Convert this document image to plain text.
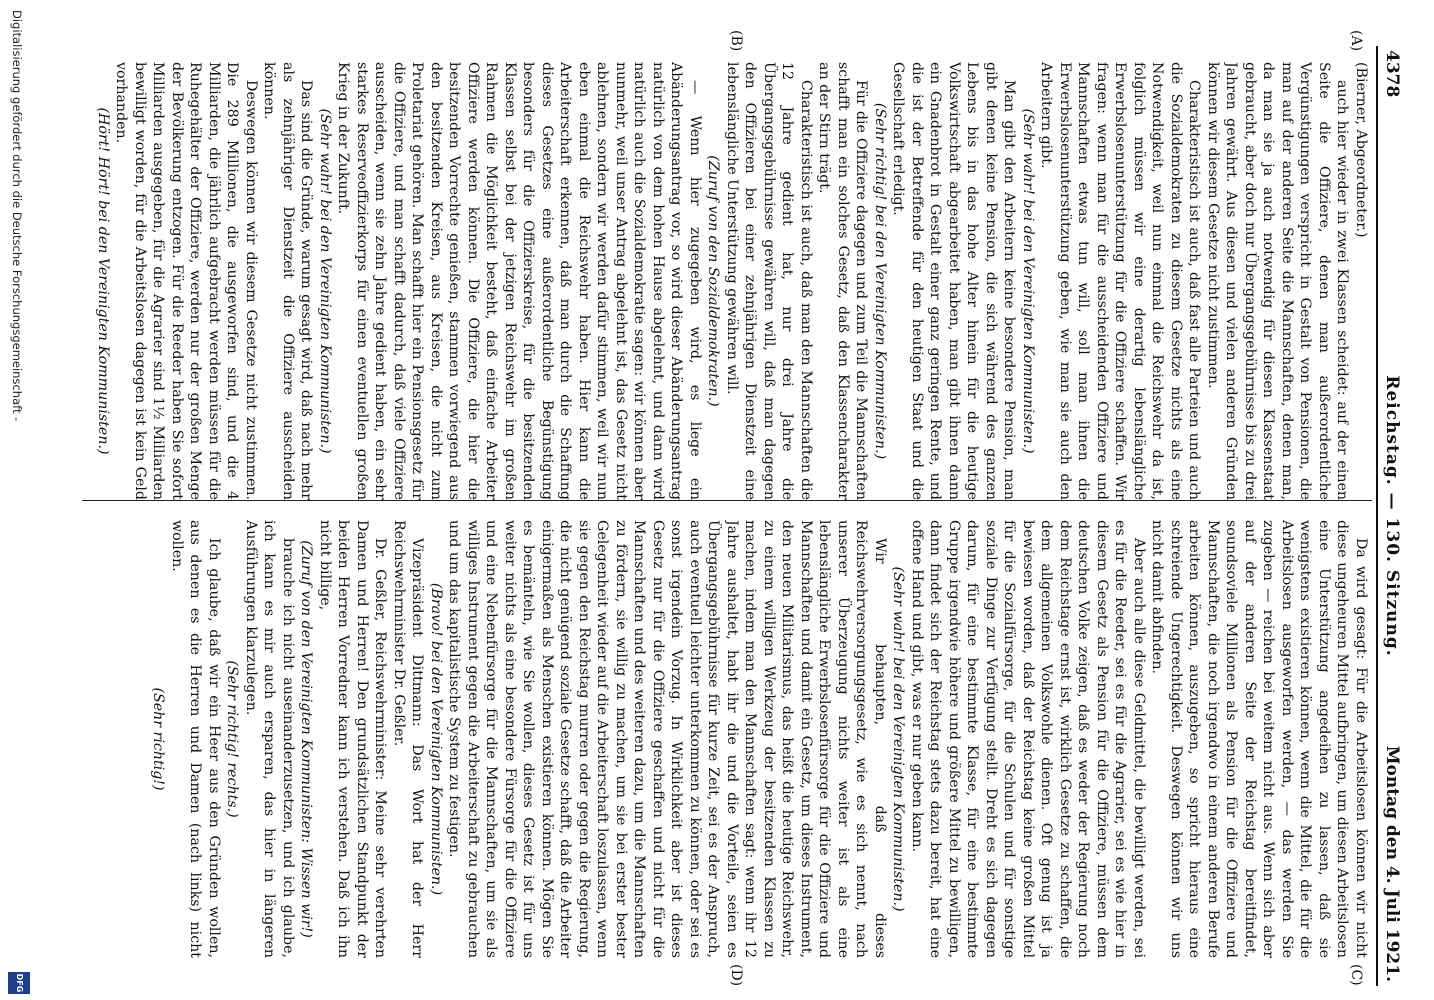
4378
Reichstag. — 130. Sitzung.
Montag den 4. Juli 1921.
(A)
(B)
(C)
(D)

(Bierner, Abgeordneter.)

auch hier wieder in zwei Klassen scheidet: auf der einen Seite die Offiziere, denen man außerordentliche Vergünstigungen verspricht in Gestalt von Pensionen, die man auf der anderen Seite die Mannschaften, denen man, da man sie ja auch notwendig für diesen Klassenstaat gebraucht, aber doch nur Übergangsgebührnisse bis zu drei Jahren gewährt. Aus diesen und vielen anderen Gründen können wir diesem Gesetze nicht zustimmen.

Charakteristisch ist auch, daß fast alle Parteien und auch die Sozialdemokraten zu diesem Gesetze nichts als eine Notwendigkeit, weil nun einmal die Reichswehr da ist, folglich müssen wir eine derartig lebenslängliche Erwerbslosenunterstützung für die Offiziere schaffen. Wir fragen: wenn man für die ausscheidenden Offiziere und Mannschaften etwas tun will, soll man ihnen die Erwerbslosenunterstützung geben, wie man sie auch den Arbeitern gibt.

(Sehr wahr! bei den Vereinigten Kommunisten.)

Man gibt den Arbeitern keine besondere Pension, man gibt denen keine Pension, die sich während des ganzen Lebens bis in das hohe Alter hinein für die heutige Volkswirtschaft abgearbeitet haben, man gibt ihnen dann ein Gnadenbrot in Gestalt einer ganz geringen Rente, und die ist der Betreffende für den heutigen Staat und die Gesellschaft erledigt.

(Sehr richtig! bei den Vereinigten Kommunisten.)

Für die Offiziere dagegen und zum Teil die Mannschaften schafft man ein solches Gesetz, daß den Klassencharakter an der Stirn trägt.

Charakteristisch ist auch, daß man den Mannschaften die 12 Jahre gedient hat, nur drei Jahre die Übergangsgebührnisse gewähren will, daß man dagegen den Offizieren bei einer zehnjährigen Dienstzeit eine lebenslängliche Unterstützung gewähren will.

(Zuruf von den Sozialdemokraten.)

— Wenn hier zugegeben wird, es liege ein Abänderungsantrag vor, so wird dieser Abänderungsantrag natürlich von dem hohen Hause abgelehnt, und dann wird natürlich auch die Sozialdemokratie sagen: wir können aber nunmehr, weil unser Antrag abgelehnt ist, das Gesetz nicht ablehnen, sondern wir werden dafür stimmen, weil wir nun eben einmal die Reichswehr haben. Hier kann die Arbeiterschaft erkennen, daß man durch die Schaffung dieses Gesetzes eine außerordentliche Begünstigung besonders für die Offizierskreise, für die besitzenden Klassen selbst bei der jetzigen Reichswehr im großen Rahmen die Möglichkeit besteht, daß einfache Arbeiter Offiziere werden können. Die Offiziere, die hier die besitzenden Vorrechte genießen, stammen vorwiegend aus den besitzenden Kreisen, aus Kreisen, die nicht zum Proletariat gehören. Man schafft hier ein Pensionsgesetz für die Offiziere, und man schafft dadurch, daß viele Offiziere ausscheiden, wenn sie zehn Jahre gedient haben, ein sehr starkes Reserveoffizierkorps für einen eventuellen großen Krieg in der Zukunft.

(Sehr wahr! bei den Vereinigten Kommunisten.)

Das sind die Gründe, warum gesagt wird, daß nach mehr als zehnjähriger Dienstzeit die Offiziere ausscheiden können.

Deswegen können wir diesem Gesetze nicht zustimmen. Die 289 Millionen, die ausgeworfen sind, und die 4 Milliarden, die jährlich aufgebracht werden müssen für die Ruhegehälter der Offiziere, werden nur der großen Menge der Bevölkerung entzogen. Für die Reeder haben Sie sofort Milliarden ausgegeben, für die Agrarier sind 1½ Milliarden bewilligt worden, für die Arbeitslosen dagegen ist kein Geld vorhanden.

(Hört! Hört! bei den Vereinigten Kommunisten.)

Da wird gesagt: Für die Arbeitslosen können wir nicht diese ungeheuren Mittel aufbringen, um diesen Arbeitslosen eine Unterstützung angedeihen zu lassen, daß sie wenigstens existieren können, wenn die Mittel, die für die Arbeitslosen ausgeworfen werden, — das werden Sie zugeben — reichen bei weitem nicht aus. Wenn sich aber auf der anderen Seite der Reichstag bereitfindet, soundsoviele Millionen als Pension für die Offiziere und Mannschaften, die noch irgendwo in einem anderen Berufe arbeiten können, auszugeben, so spricht hieraus eine schreiende Ungerechtigkeit. Deswegen können wir uns nicht damit abfinden.

Aber auch alle diese Geldmittel, die bewilligt werden, sei es für die Reeder, sei es für die Agrarier, sei es wie hier in diesem Gesetz als Pension für die Offiziere, müssen dem deutschen Volke zeigen, daß es weder der Regierung noch dem Reichstage ernst ist, wirklich Gesetze zu schaffen, die dem allgemeinen Volkswohle dienen. Oft genug ist ja bewiesen worden, daß der Reichstag keine großen Mittel für die Sozialfürsorge, für die Schulen und für sonstige soziale Dinge zur Verfügung stellt. Dreht es sich dagegen darum, für eine bestimmte Klasse, für eine bestimmte Gruppe irgendwie höhere und größere Mittel zu bewilligen, dann findet sich der Reichstag stets dazu bereit, hat eine offene Hand und gibt, was er nur geben kann.

(Sehr wahr! bei den Vereinigten Kommunisten.)

Wir behaupten, daß dieses Reichswehrversorgungsgesetz, wie es sich nennt, nach unserer Überzeugung nichts weiter ist als eine lebenslängliche Erwerbslosenfürsorge für die Offiziere und Mannschaften und damit ein Gesetz, um dieses Instrument, den neuen Militarismus, das heißt die heutige Reichswehr, zu einem willigen Werkzeug der besitzenden Klassen zu machen, indem man den Mannschaften sagt: wenn ihr 12 Jahre aushaltet, habt ihr die und die Vorteile, seien es Übergangsgebührnisse für kurze Zeit, sei es der Anspruch, auch eventuell leichter unterkommen zu können, oder sei es sonst irgendein Vorzug. In Wirklichkeit aber ist dieses Gesetz nur für die Offiziere geschaffen und nicht für die Mannschaften und des weiteren dazu, um die Mannschaften zu fördern, sie willig zu machen, um sie bei erster bester Gelegenheit wieder auf die Arbeiterschaft loszulassen, wenn sie gegen den Reichstag murren oder gegen die Regierung, die nicht genügend soziale Gesetze schafft, daß die Arbeiter einigermaßen als Menschen existieren können. Mögen Sie es bemänteln, wie Sie wollen, dieses Gesetz ist für uns weiter nichts als eine besondere Fürsorge für die Offiziere und eine Nebenfürsorge für die Mannschaften, um sie als williges Instrument gegen die Arbeiterschaft zu gebrauchen und um das kapitalistische System zu festigen.

(Bravo! bei den Vereinigten Kommunisten.)

Vizepräsident Dittmann: Das Wort hat der Herr Reichswehrminister Dr. Geßler.

Dr. Geßler, Reichswehrminister: Meine sehr verehrten Damen und Herren! Den grundsätzlichen Standpunkt der beiden Herren Vorredner kann ich verstehen. Daß ich ihn nicht billige,

(Zuruf von den Vereinigten Kommunisten: Wissen wir!)

brauche ich nicht auseinanderzusetzen, und ich glaube, ich kann es mir auch ersparen, das hier in längeren Ausführungen klarzulegen.

(Sehr richtig! rechts.)

Ich glaube, daß wir ein Heer aus den Gründen wollen, aus denen es die Herren und Damen (nach links) nicht wollen.

(Sehr richtig!)

Digitalisierung gefördert durch die Deutsche Forschungsgemeinschaft -
DFG
